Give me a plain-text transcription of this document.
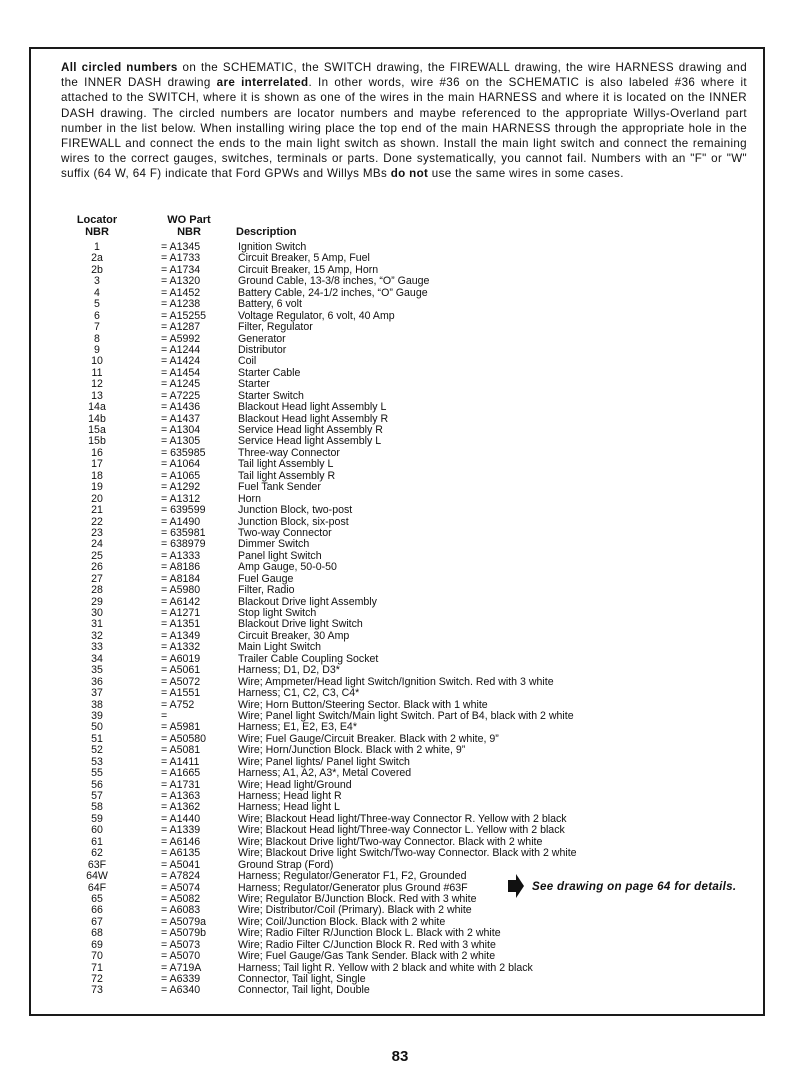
All circled numbers on the SCHEMATIC, the SWITCH drawing, the FIREWALL drawing, the wire HARNESS drawing and the INNER DASH drawing are interrelated. In other words, wire #36 on the SCHEMATIC is also labeled #36 where it attached to the SWITCH, where it is shown as one of the wires in the main HARNESS and where it is located on the INNER DASH drawing. The circled numbers are locator numbers and maybe referenced to the appropriate Willys-Overland part number in the list below. When installing wiring place the top end of the main HARNESS through the appropriate hole in the FIREWALL and connect the ends to the main light switch as shown. Install the main light switch and connect the remaining wires to the correct gauges, switches, terminals or parts. Done systematically, you cannot fail. Numbers with an "F" or "W" suffix (64 W, 64 F) indicate that Ford GPWs and Willys MBs do not use the same wires in some cases.

Locator
NBR
WO Part
NBR	Description
1	= A1345	Ignition Switch
2a	= A1733	Circuit Breaker, 5 Amp, Fuel
2b	= A1734	Circuit Breaker, 15 Amp, Horn
3	= A1320	Ground Cable, 13-3/8 inches, “O” Gauge
4	= A1452	Battery Cable, 24-1/2 inches, “O” Gauge
5	= A1238	Battery, 6 volt
6	= A15255	Voltage Regulator, 6 volt, 40 Amp
7	= A1287	Filter, Regulator
8	= A5992	Generator
9	= A1244	Distributor
10	= A1424	Coil
11	= A1454	Starter Cable
12	= A1245	Starter
13	= A7225	Starter Switch
14a	= A1436	Blackout Head light Assembly L
14b	= A1437	Blackout Head light Assembly R
15a	= A1304	Service Head light Assembly R
15b	= A1305	Service Head light Assembly L
16	= 635985	Three-way Connector
17	= A1064	Tail light Assembly L
18	= A1065	Tail light Assembly R
19	= A1292	Fuel Tank Sender
20	= A1312	Horn
21	= 639599	Junction Block, two-post
22	= A1490	Junction Block, six-post
23	= 635981	Two-way Connector
24	= 638979	Dimmer Switch
25	= A1333	Panel light Switch
26	= A8186	Amp Gauge, 50-0-50
27	= A8184	Fuel Gauge
28	= A5980	Filter, Radio
29	= A6142	Blackout Drive light Assembly
30	= A1271	Stop light Switch
31	= A1351	Blackout Drive light Switch
32	= A1349	Circuit Breaker, 30 Amp
33	= A1332	Main Light Switch
34	= A6019	Trailer Cable Coupling Socket
35	= A5061	Harness; D1, D2, D3*
36	= A5072	Wire; Ampmeter/Head light Switch/Ignition Switch. Red with 3 white
37	= A1551	Harness; C1, C2, C3, C4*
38	= A752	Wire; Horn Button/Steering Sector. Black with 1 white
39	=	Wire; Panel light Switch/Main light Switch. Part of B4, black with 2 white
50	= A5981	Harness; E1, E2, E3, E4*
51	= A50580	Wire; Fuel Gauge/Circuit Breaker. Black with 2 white, 9”
52	= A5081	Wire; Horn/Junction Block. Black with 2 white, 9”
53	= A1411	Wire; Panel lights/ Panel light Switch
55	= A1665	Harness; A1, A2, A3*, Metal Covered
56	= A1731	Wire; Head light/Ground
57	= A1363	Harness; Head light R
58	= A1362	Harness; Head light L
59	= A1440	Wire; Blackout Head light/Three-way Connector R. Yellow with 2 black
60	= A1339	Wire; Blackout Head light/Three-way Connector L. Yellow with 2 black
61	= A6146	Wire; Blackout Drive light/Two-way Connector. Black with 2 white
62	= A6135	Wire; Blackout Drive light Switch/Two-way Connector. Black with 2 white
63F	= A5041	Ground Strap (Ford)
64W	= A7824	Harness; Regulator/Generator F1, F2, Grounded
64F	= A5074	Harness; Regulator/Generator plus Ground #63F
65	= A5082	Wire; Regulator B/Junction Block. Red with 3 white
66	= A6083	Wire; Distributor/Coil (Primary). Black with 2 white
67	= A5079a	Wire; Coil/Junction Block. Black with 2 white
68	= A5079b	Wire; Radio Filter R/Junction Block L. Black with 2 white
69	= A5073	Wire; Radio Filter C/Junction Block R. Red with 3 white
70	= A5070	Wire; Fuel Gauge/Gas Tank Sender. Black with 2 white
71	= A719A	Harness; Tail light R. Yellow with 2 black and white with 2 black
72	= A6339	Connector, Tail light, Single
73	= A6340	Connector, Tail light, Double
See drawing on page 64 for details.
83
